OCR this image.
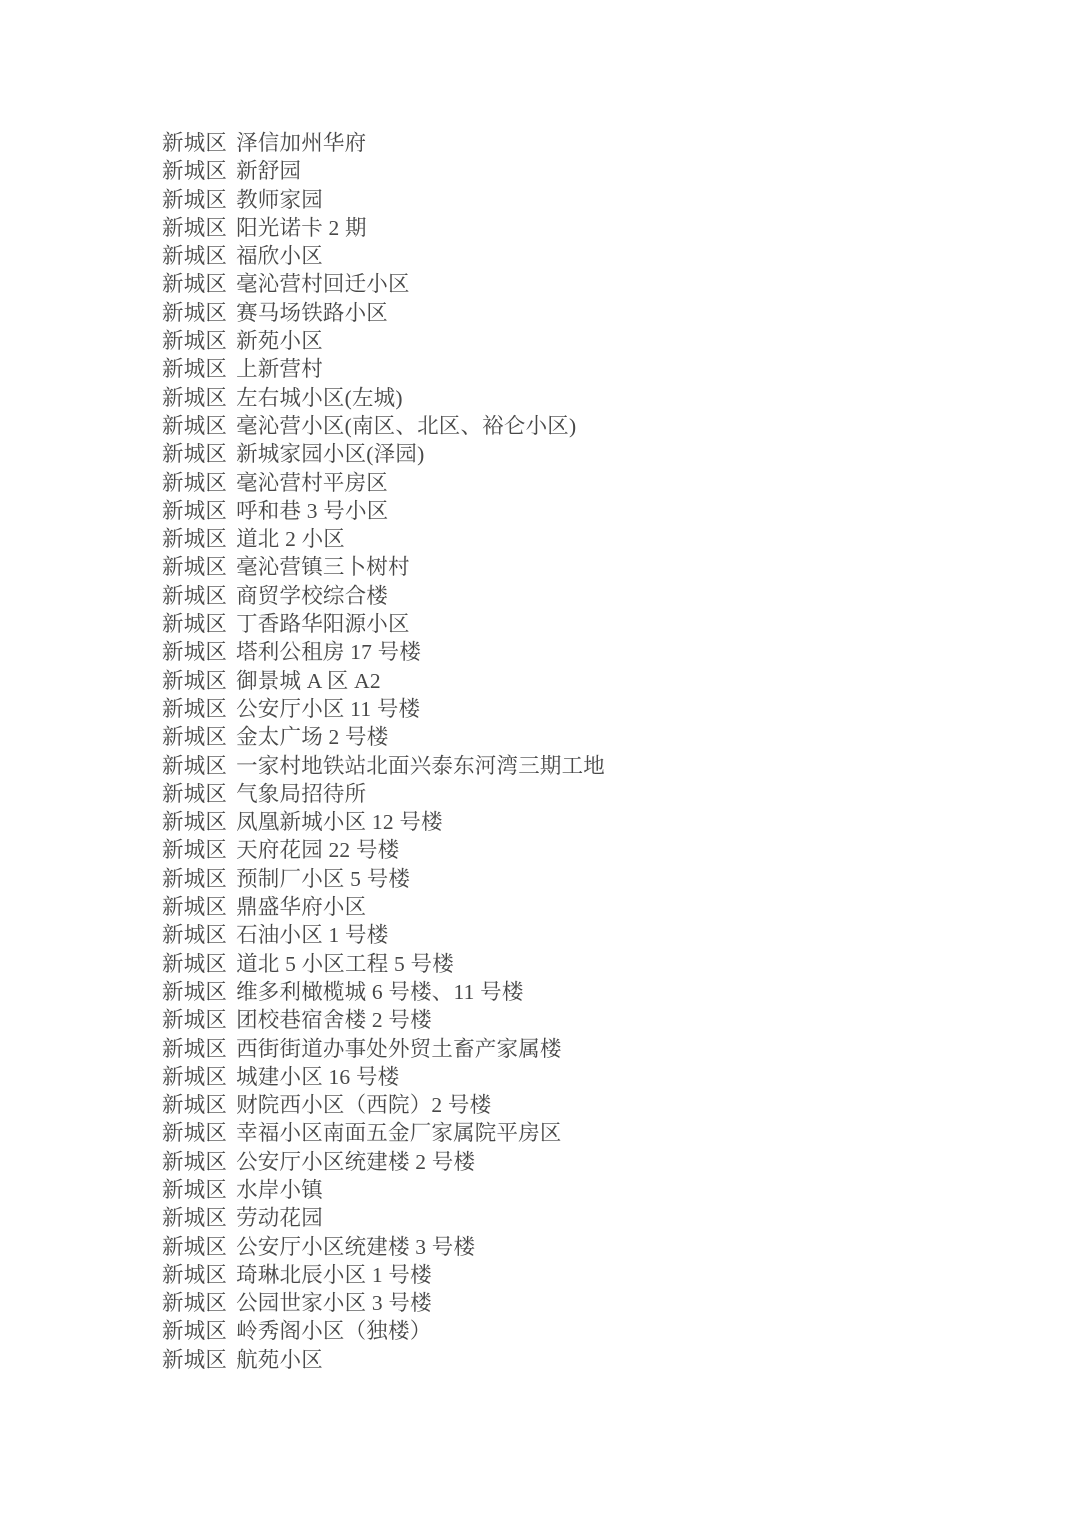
新城区 泽信加州华府
新城区 新舒园
新城区 教师家园
新城区 阳光诺卡 2 期
新城区 福欣小区
新城区 毫沁营村回迁小区
新城区 赛马场铁路小区
新城区 新苑小区
新城区 上新营村
新城区 左右城小区(左城)
新城区 毫沁营小区(南区、北区、裕仑小区)
新城区 新城家园小区(泽园)
新城区 毫沁营村平房区
新城区 呼和巷 3 号小区
新城区 道北 2 小区
新城区 毫沁营镇三卜树村
新城区 商贸学校综合楼
新城区 丁香路华阳源小区
新城区 塔利公租房 17 号楼
新城区 御景城 A 区 A2
新城区 公安厅小区 11 号楼
新城区 金太广场 2 号楼
新城区 一家村地铁站北面兴泰东河湾三期工地
新城区 气象局招待所
新城区 凤凰新城小区 12 号楼
新城区 天府花园 22 号楼
新城区 预制厂小区 5 号楼
新城区 鼎盛华府小区
新城区 石油小区 1 号楼
新城区 道北 5 小区工程 5 号楼
新城区 维多利橄榄城 6 号楼、11 号楼
新城区 团校巷宿舍楼 2 号楼
新城区 西街街道办事处外贸土畜产家属楼
新城区 城建小区 16 号楼
新城区 财院西小区（西院）2 号楼
新城区 幸福小区南面五金厂家属院平房区
新城区 公安厅小区统建楼 2 号楼
新城区 水岸小镇
新城区 劳动花园
新城区 公安厅小区统建楼 3 号楼
新城区 琦琳北辰小区 1 号楼
新城区 公园世家小区 3 号楼
新城区 岭秀阁小区（独楼）
新城区 航苑小区
